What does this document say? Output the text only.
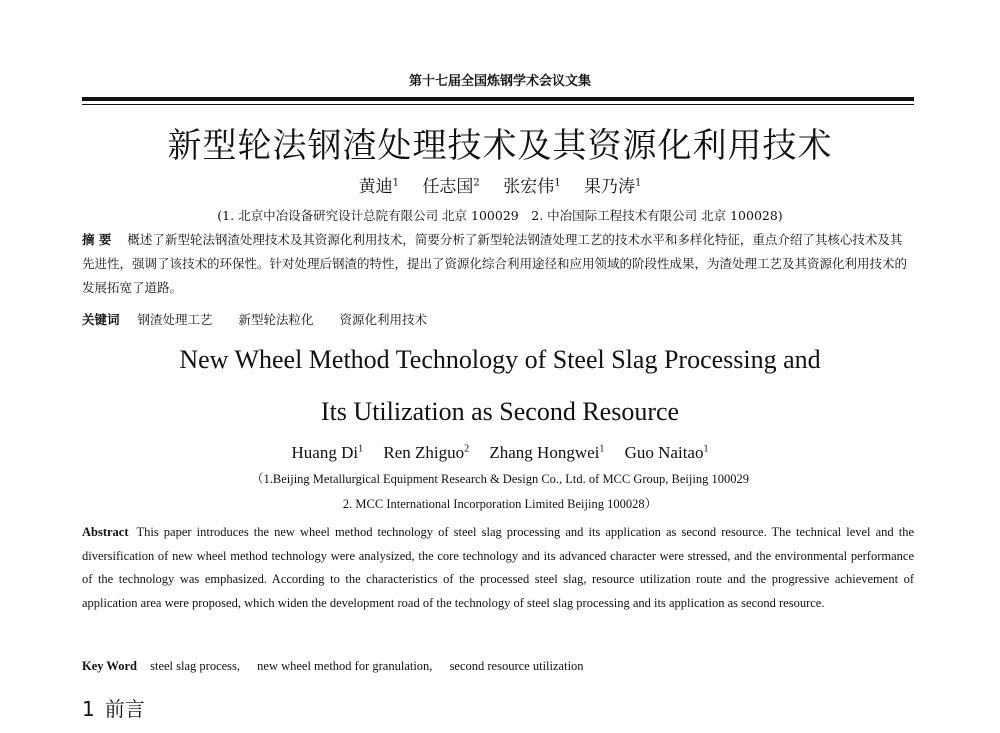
第十七届全国炼钢学术会议文集
新型轮法钢渣处理技术及其资源化利用技术
黄迪$^1$ 任志国$^2$ 张宏伟$^1$ 果乃涛$^1$
(1. 北京中冶设备研究设计总院有限公司 北京 100029　2. 中冶国际工程技术有限公司 北京 100028)
摘 要 概述了新型轮法钢渣处理技术及其资源化利用技术，简要分析了新型轮法钢渣处理工艺的技术水平和多样化特征，重点介绍了其核心技术及其先进性，强调了该技术的环保性。针对处理后钢渣的特性，提出了资源化综合利用途径和应用领域的阶段性成果，为渣处理工艺及其资源化利用技术的发展拓宽了道路。
关键词 钢渣处理工艺 新型轮法粒化 资源化利用技术
New Wheel Method Technology of Steel Slag Processing and
Its Utilization as Second Resource
Huang Di$^1$ Ren Zhiguo$^2$ Zhang Hongwei$^1$ Guo Naitao$^1$
（1.Beijing Metallurgical Equipment Research & Design Co., Ltd. of MCC Group, Beijing 100029
2. MCC International Incorporation Limited Beijing 100028）
Abstract This paper introduces the new wheel method technology of steel slag processing and its application as second resource. The technical level and the diversification of new wheel method technology were analysized, the core technology and its advanced character were stressed, and the environmental performance of the technology was emphasized. According to the characteristics of the processed steel slag, resource utilization route and the progressive achievement of application area were proposed, which widen the development road of the technology of steel slag processing and its application as second resource.
Key Word steel slag process, new wheel method for granulation, second resource utilization
1 前言
